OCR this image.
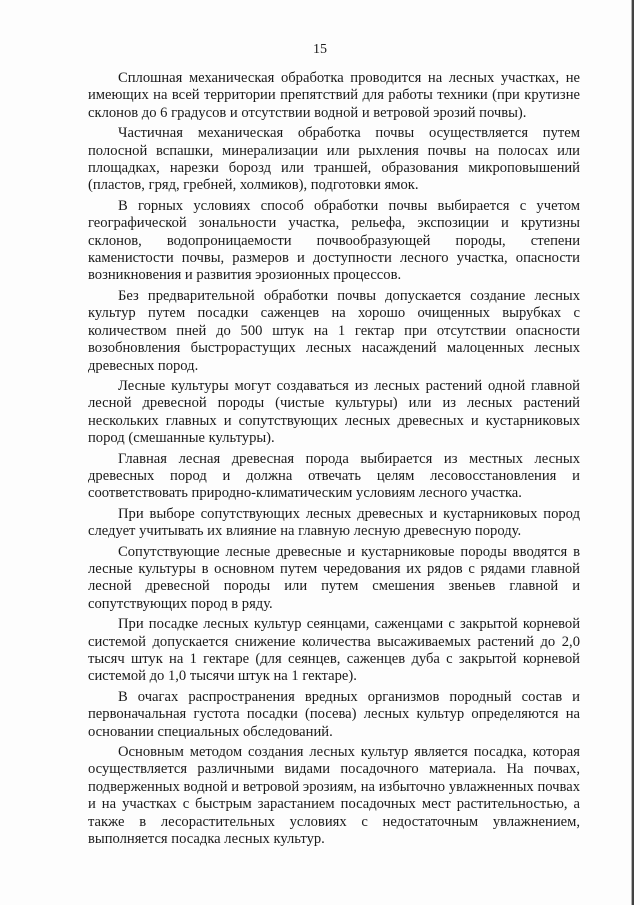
15

Сплошная механическая обработка проводится на лесных участках, не имеющих на всей территории препятствий для работы техники (при крутизне склонов до 6 градусов и отсутствии водной и ветровой эрозий почвы).

Частичная механическая обработка почвы осуществляется путем полосной вспашки, минерализации или рыхления почвы на полосах или площадках, нарезки борозд или траншей, образования микроповышений (пластов, гряд, гребней, холмиков), подготовки ямок.

В горных условиях способ обработки почвы выбирается с учетом географической зональности участка, рельефа, экспозиции и крутизны склонов, водопроницаемости почвообразующей породы, степени каменистости почвы, размеров и доступности лесного участка, опасности возникновения и развития эрозионных процессов.

Без предварительной обработки почвы допускается создание лесных культур путем посадки саженцев на хорошо очищенных вырубках с количеством пней до 500 штук на 1 гектар при отсутствии опасности возобновления быстрорастущих лесных насаждений малоценных лесных древесных пород.

Лесные культуры могут создаваться из лесных растений одной главной лесной древесной породы (чистые культуры) или из лесных растений нескольких главных и сопутствующих лесных древесных и кустарниковых пород (смешанные культуры).

Главная лесная древесная порода выбирается из местных лесных древесных пород и должна отвечать целям лесовосстановления и соответствовать природно-климатическим условиям лесного участка.

При выборе сопутствующих лесных древесных и кустарниковых пород следует учитывать их влияние на главную лесную древесную породу.

Сопутствующие лесные древесные и кустарниковые породы вводятся в лесные культуры в основном путем чередования их рядов с рядами главной лесной древесной породы или путем смешения звеньев главной и сопутствующих пород в ряду.

При посадке лесных культур сеянцами, саженцами с закрытой корневой системой допускается снижение количества высаживаемых растений до 2,0 тысяч штук на 1 гектаре (для сеянцев, саженцев дуба с закрытой корневой системой до 1,0 тысячи штук на 1 гектаре).

В очагах распространения вредных организмов породный состав и первоначальная густота посадки (посева) лесных культур определяются на основании специальных обследований.

Основным методом создания лесных культур является посадка, которая осуществляется различными видами посадочного материала. На почвах, подверженных водной и ветровой эрозиям, на избыточно увлажненных почвах и на участках с быстрым зарастанием посадочных мест растительностью, а также в лесорастительных условиях с недостаточным увлажнением, выполняется посадка лесных культур.
